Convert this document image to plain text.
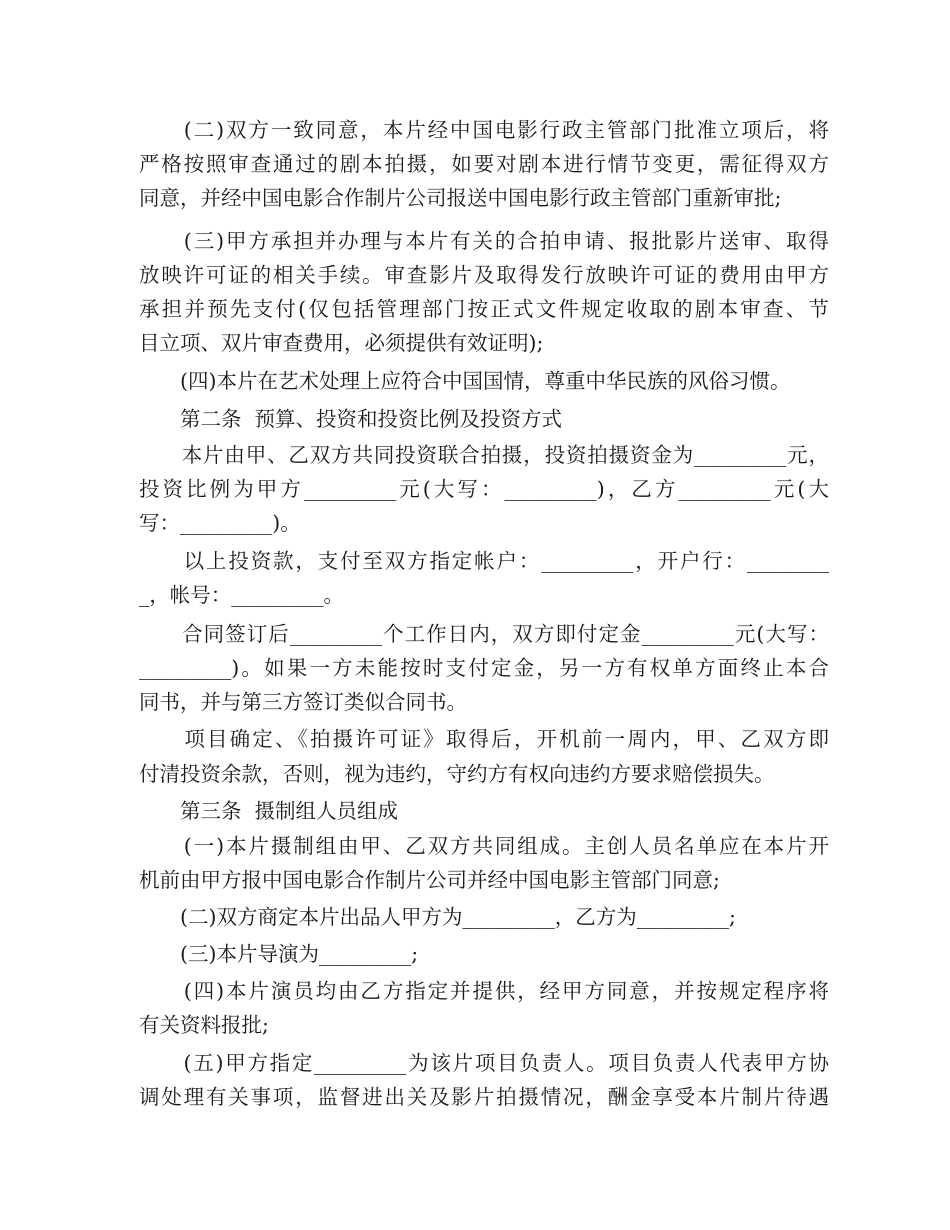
　　(二)双方一致同意，本片经中国电影行政主管部门批准立项后，将
严格按照审查通过的剧本拍摄，如要对剧本进行情节变更，需征得双方
同意，并经中国电影合作制片公司报送中国电影行政主管部门重新审批;
　　(三)甲方承担并办理与本片有关的合拍申请、报批影片送审、取得
放映许可证的相关手续。审查影片及取得发行放映许可证的费用由甲方
承担并预先支付(仅包括管理部门按正式文件规定收取的剧本审查、节
目立项、双片审查费用，必须提供有效证明);
　　(四)本片在艺术处理上应符合中国国情，尊重中华民族的风俗习惯。
　　第二条  预算、投资和投资比例及投资方式
　　本片由甲、乙双方共同投资联合拍摄，投资拍摄资金为_________元，
投资比例为甲方_________元(大写：_________)，乙方_________元(大
写：_________)。
　　以上投资款，支付至双方指定帐户：_________，开户行：________
_，帐号：_________。
　　合同签订后_________个工作日内，双方即付定金_________元(大写：
_________)。如果一方未能按时支付定金，另一方有权单方面终止本合
同书，并与第三方签订类似合同书。
　　项目确定、《拍摄许可证》取得后，开机前一周内，甲、乙双方即
付清投资余款，否则，视为违约，守约方有权向违约方要求赔偿损失。
　　第三条  摄制组人员组成
　　(一)本片摄制组由甲、乙双方共同组成。主创人员名单应在本片开
机前由甲方报中国电影合作制片公司并经中国电影主管部门同意;
　　(二)双方商定本片出品人甲方为_________，乙方为_________;
　　(三)本片导演为_________;
　　(四)本片演员均由乙方指定并提供，经甲方同意，并按规定程序将
有关资料报批;
　　(五)甲方指定_________为该片项目负责人。项目负责人代表甲方协
调处理有关事项，监督进出关及影片拍摄情况，酬金享受本片制片待遇
